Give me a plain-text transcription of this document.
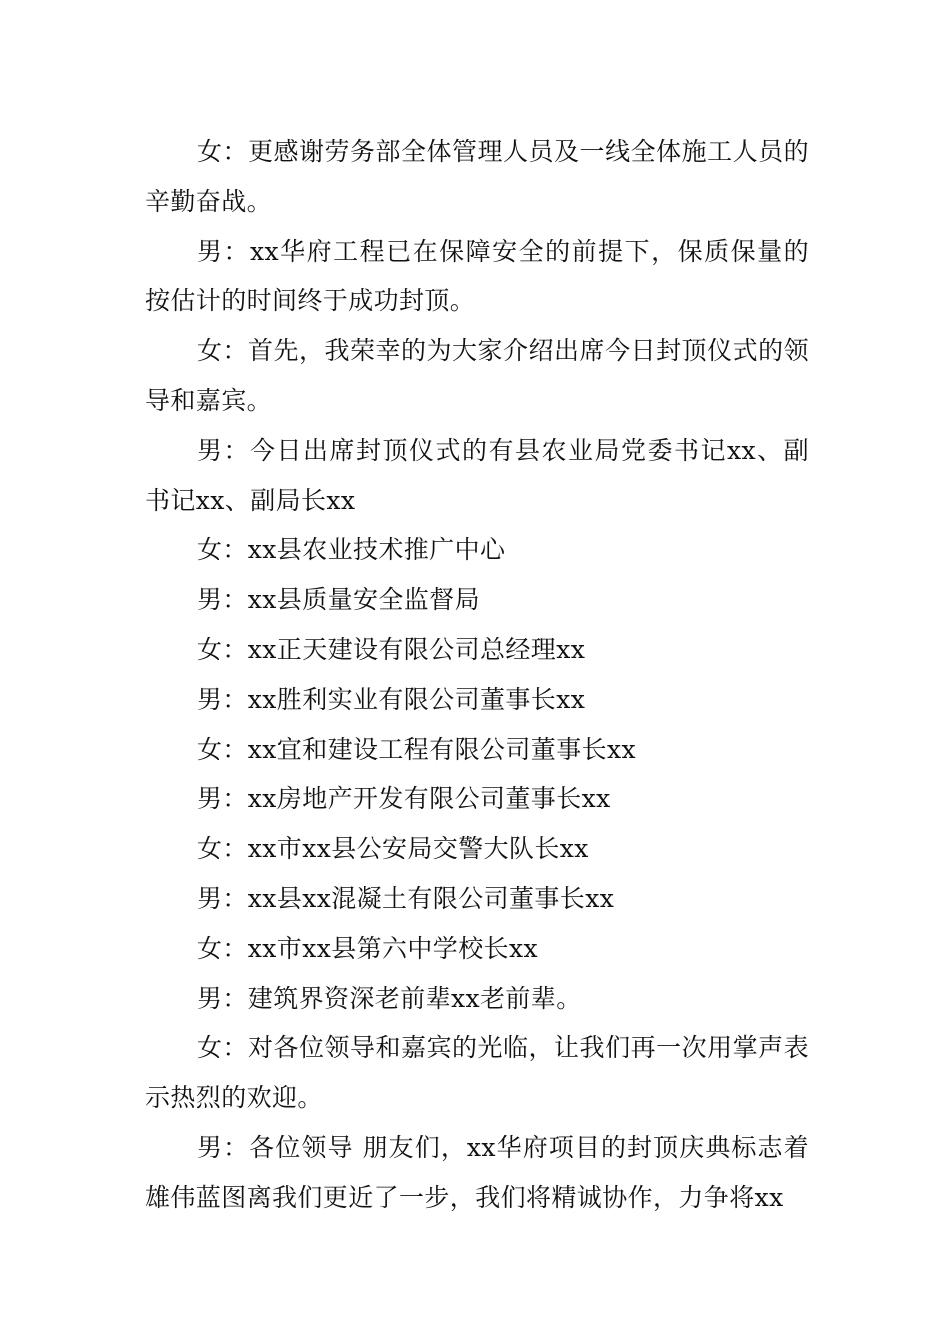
女：更感谢劳务部全体管理人员及一线全体施工人员的辛勤奋战。

男：xx华府工程已在保障安全的前提下，保质保量的按估计的时间终于成功封顶。

女：首先，我荣幸的为大家介绍出席今日封顶仪式的领导和嘉宾。

男：今日出席封顶仪式的有县农业局党委书记xx、副书记xx、副局长xx

女：xx县农业技术推广中心

男：xx县质量安全监督局

女：xx正天建设有限公司总经理xx

男：xx胜利实业有限公司董事长xx

女：xx宜和建设工程有限公司董事长xx

男：xx房地产开发有限公司董事长xx

女：xx市xx县公安局交警大队长xx

男：xx县xx混凝土有限公司董事长xx

女：xx市xx县第六中学校长xx

男：建筑界资深老前辈xx老前辈。

女：对各位领导和嘉宾的光临，让我们再一次用掌声表示热烈的欢迎。

男：各位领导 朋友们，xx华府项目的封顶庆典标志着雄伟蓝图离我们更近了一步，我们将精诚协作，力争将xx
